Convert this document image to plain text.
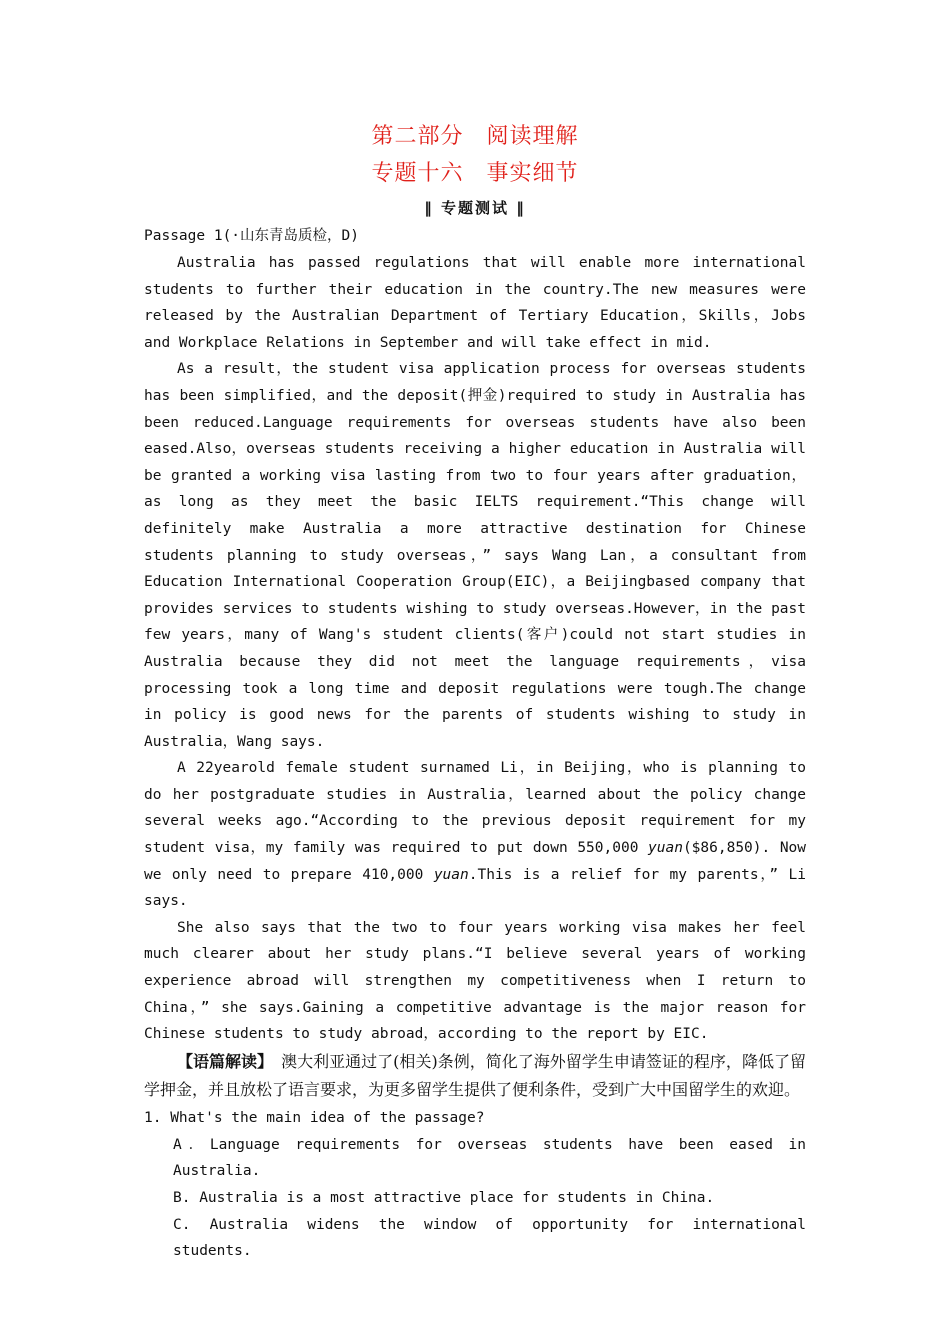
第二部分　阅读理解
专题十六　事实细节
‖ 专题测试 ‖
Passage 1(·山东青岛质检，D)

Australia has passed regulations that will enable more international students to further their education in the country.The new measures were released by the Australian Department of Tertiary Education，Skills，Jobs and Workplace Relations in September and will take effect in mid.

As a result，the student visa application process for overseas students has been simplified，and the deposit(押金)required to study in Australia has been reduced.Language requirements for overseas students have also been eased.Also，overseas students receiving a higher education in Australia will be granted a working visa lasting from two to four years after graduation，as long as they meet the basic IELTS requirement.“This change will definitely make Australia a more attractive destination for Chinese students planning to study overseas，” says Wang Lan，a consultant from Education International Cooperation Group(EIC)，a Beijingbased company that provides services to students wishing to study overseas.However，in the past few years，many of Wang's student clients(客户)could not start studies in Australia because they did not meet the language requirements，visa processing took a long time and deposit regulations were tough.The change in policy is good news for the parents of students wishing to study in Australia，Wang says.

A 22yearold female student surnamed Li，in Beijing，who is planning to do her postgraduate studies in Australia，learned about the policy change several weeks ago.“According to the previous deposit requirement for my student visa，my family was required to put down 550,000 yuan($86,850). Now we only need to prepare 410,000 yuan.This is a relief for my parents，” Li says.

She also says that the two to four years working visa makes her feel much clearer about her study plans.“I believe several years of working experience abroad will strengthen my competitiveness when I return to China，” she says.Gaining a competitive advantage is the major reason for Chinese students to study abroad，according to the report by EIC.

【语篇解读】　澳大利亚通过了(相关)条例，简化了海外留学生申请签证的程序，降低了留学押金，并且放松了语言要求，为更多留学生提供了便利条件，受到广大中国留学生的欢迎。
1. What's the main idea of the passage?
A．Language requirements for overseas students have been eased in Australia.
B. Australia is a most attractive place for students in China.
C. Australia widens the window of opportunity for international students.
